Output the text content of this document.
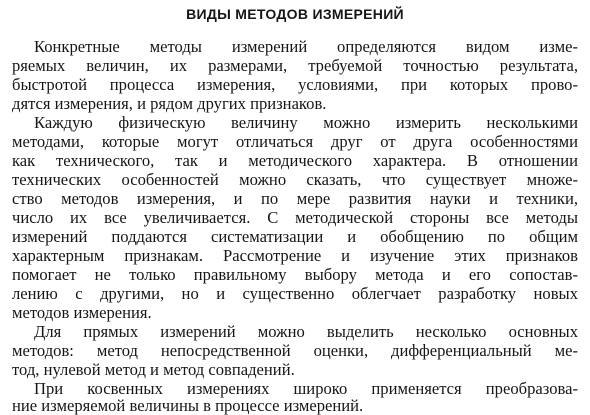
ВИДЫ МЕТОДОВ ИЗМЕРЕНИЙ
Конкретные методы измерений определяются видом изме-
ряемых величин, их размерами, требуемой точностью результата,
быстротой процесса измерения, условиями, при которых прово-
дятся измерения, и рядом других признаков.
Каждую физическую величину можно измерить несколькими
методами, которые могут отличаться друг от друга особенностями
как технического, так и методического характера. В отношении
технических особенностей можно сказать, что существует множе-
ство методов измерения, и по мере развития науки и техники,
число их все увеличивается. С методической стороны все методы
измерений поддаются систематизации и обобщению по общим
характерным признакам. Рассмотрение и изучение этих признаков
помогает не только правильному выбору метода и его сопостав-
лению с другими, но и существенно облегчает разработку новых
методов измерения.
Для прямых измерений можно выделить несколько основных
методов: метод непосредственной оценки, дифференциальный ме-
тод, нулевой метод и метод совпадений.
При косвенных измерениях широко применяется преобразова-
ние измеряемой величины в процессе измерений.
